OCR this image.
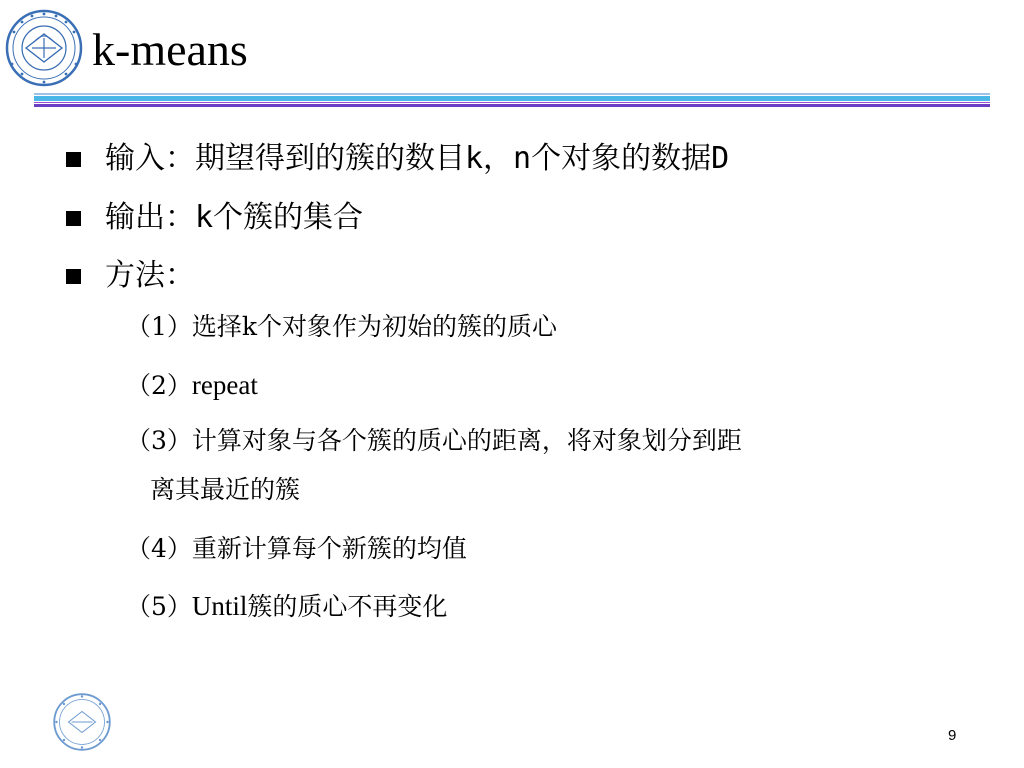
k-means
输入：期望得到的簇的数目k，n个对象的数据D
输出：k个簇的集合
方法：
（1）选择k个对象作为初始的簇的质心
（2）repeat
（3）计算对象与各个簇的质心的距离，将对象划分到距
离其最近的簇
（4）重新计算每个新簇的均值
（5）Until簇的质心不再变化
9
